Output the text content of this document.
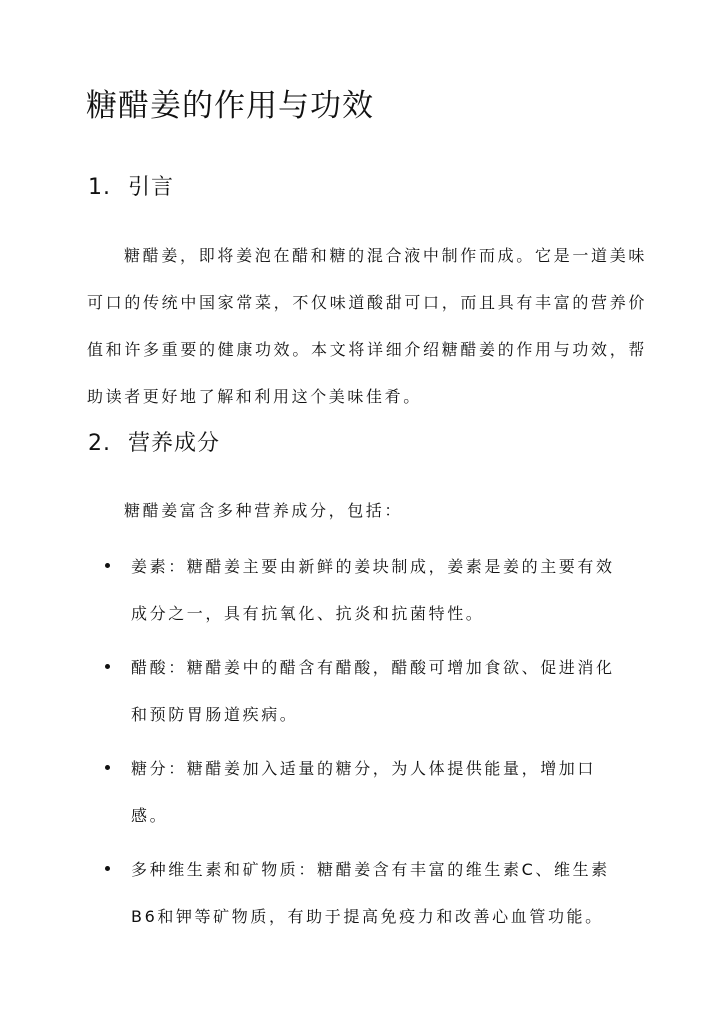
糖醋姜的作用与功效
1. 引言

糖醋姜，即将姜泡在醋和糖的混合液中制作而成。它是一道美味可口的传统中国家常菜，不仅味道酸甜可口，而且具有丰富的营养价值和许多重要的健康功效。本文将详细介绍糖醋姜的作用与功效，帮助读者更好地了解和利用这个美味佳肴。

2. 营养成分

糖醋姜富含多种营养成分，包括：

姜素：糖醋姜主要由新鲜的姜块制成，姜素是姜的主要有效成分之一，具有抗氧化、抗炎和抗菌特性。
醋酸：糖醋姜中的醋含有醋酸，醋酸可增加食欲、促进消化和预防胃肠道疾病。
糖分：糖醋姜加入适量的糖分，为人体提供能量，增加口感。
多种维生素和矿物质：糖醋姜含有丰富的维生素C、维生素B6和钾等矿物质，有助于提高免疫力和改善心血管功能。
